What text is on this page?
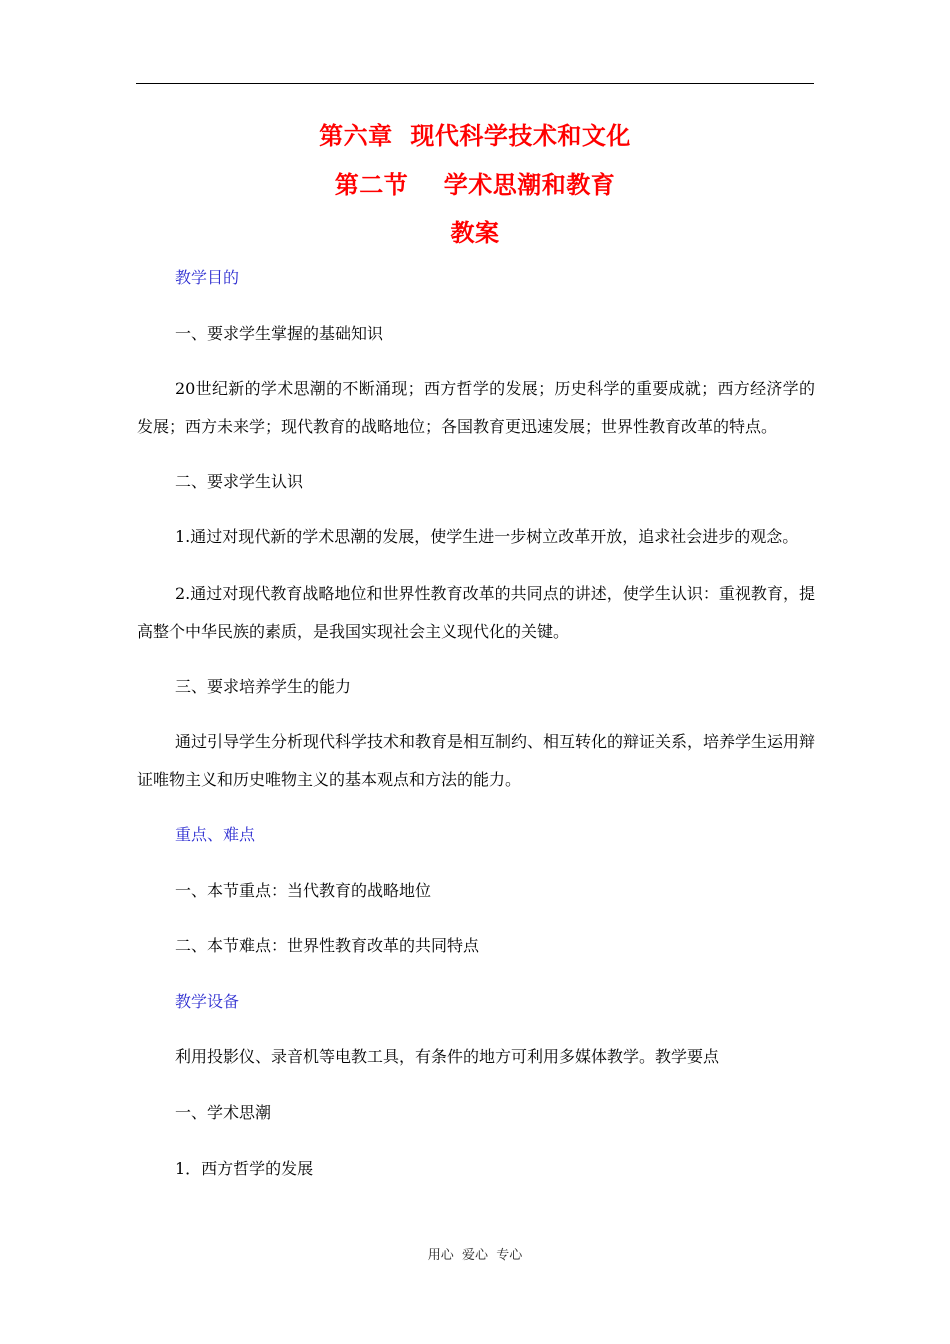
第六章  现代科学技术和文化
第二节    学术思潮和教育
教案
教学目的
一、要求学生掌握的基础知识
20世纪新的学术思潮的不断涌现；西方哲学的发展；历史科学的重要成就；西方经济学的发展；西方未来学；现代教育的战略地位；各国教育更迅速发展；世界性教育改革的特点。
二、要求学生认识
1.通过对现代新的学术思潮的发展，使学生进一步树立改革开放，追求社会进步的观念。
2.通过对现代教育战略地位和世界性教育改革的共同点的讲述，使学生认识：重视教育，提高整个中华民族的素质，是我国实现社会主义现代化的关键。
三、要求培养学生的能力
通过引导学生分析现代科学技术和教育是相互制约、相互转化的辩证关系，培养学生运用辩证唯物主义和历史唯物主义的基本观点和方法的能力。
重点、难点
一、本节重点：当代教育的战略地位
二、本节难点：世界性教育改革的共同特点
教学设备
利用投影仪、录音机等电教工具，有条件的地方可利用多媒体教学。教学要点
一、学术思潮
1．西方哲学的发展
用心  爱心  专心
